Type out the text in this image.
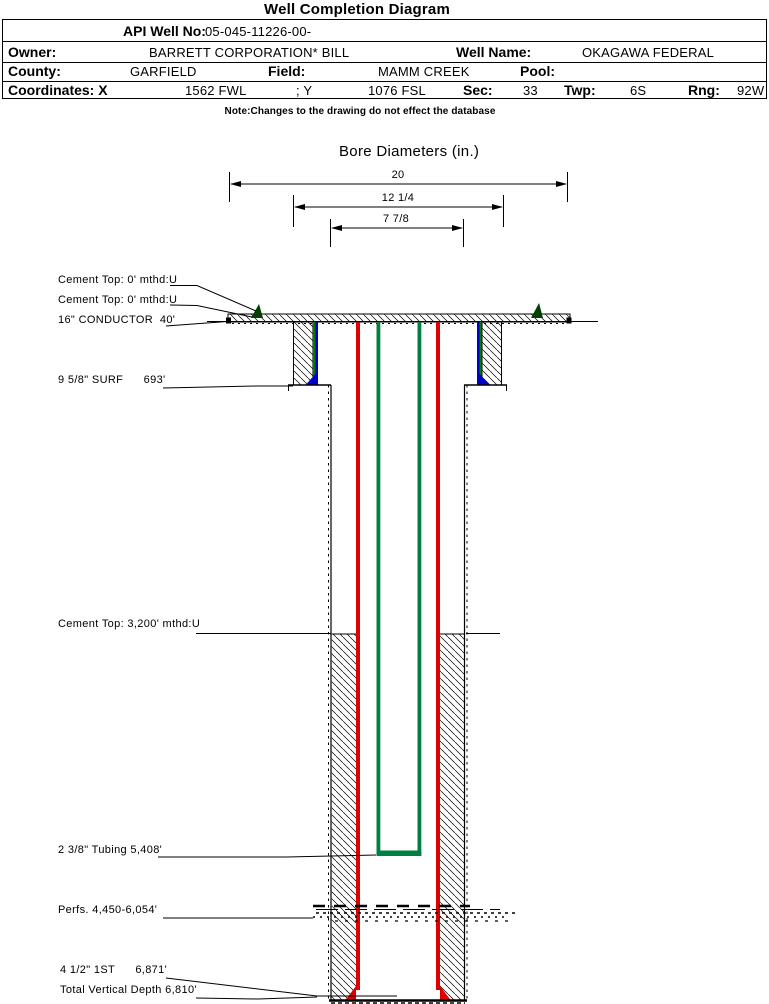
Well Completion Diagram
API Well No: 05-045-11226-00-
Owner:	BARRETT CORPORATION* BILL	Well Name:	OKAGAWA FEDERAL
County:	GARFIELD	Field:	MAMM CREEK	Pool:
Coordinates: X	1562 FWL	; Y	1076 FSL	Sec: 33 Twp:	6S	Rng: 92W
Note:Changes to the drawing do not effect the database
Bore Diameters (in.)
20
12 1/4
7 7/8
Cement Top: 0' mthd:U
Cement Top: 0' mthd:U
16" CONDUCTOR  40'
9 5/8" SURF      693'
Cement Top: 3,200' mthd:U
2 3/8" Tubing 5,408'
Perfs. 4,450-6,054'
4 1/2" 1ST      6,871'
Total Vertical Depth 6,810'
